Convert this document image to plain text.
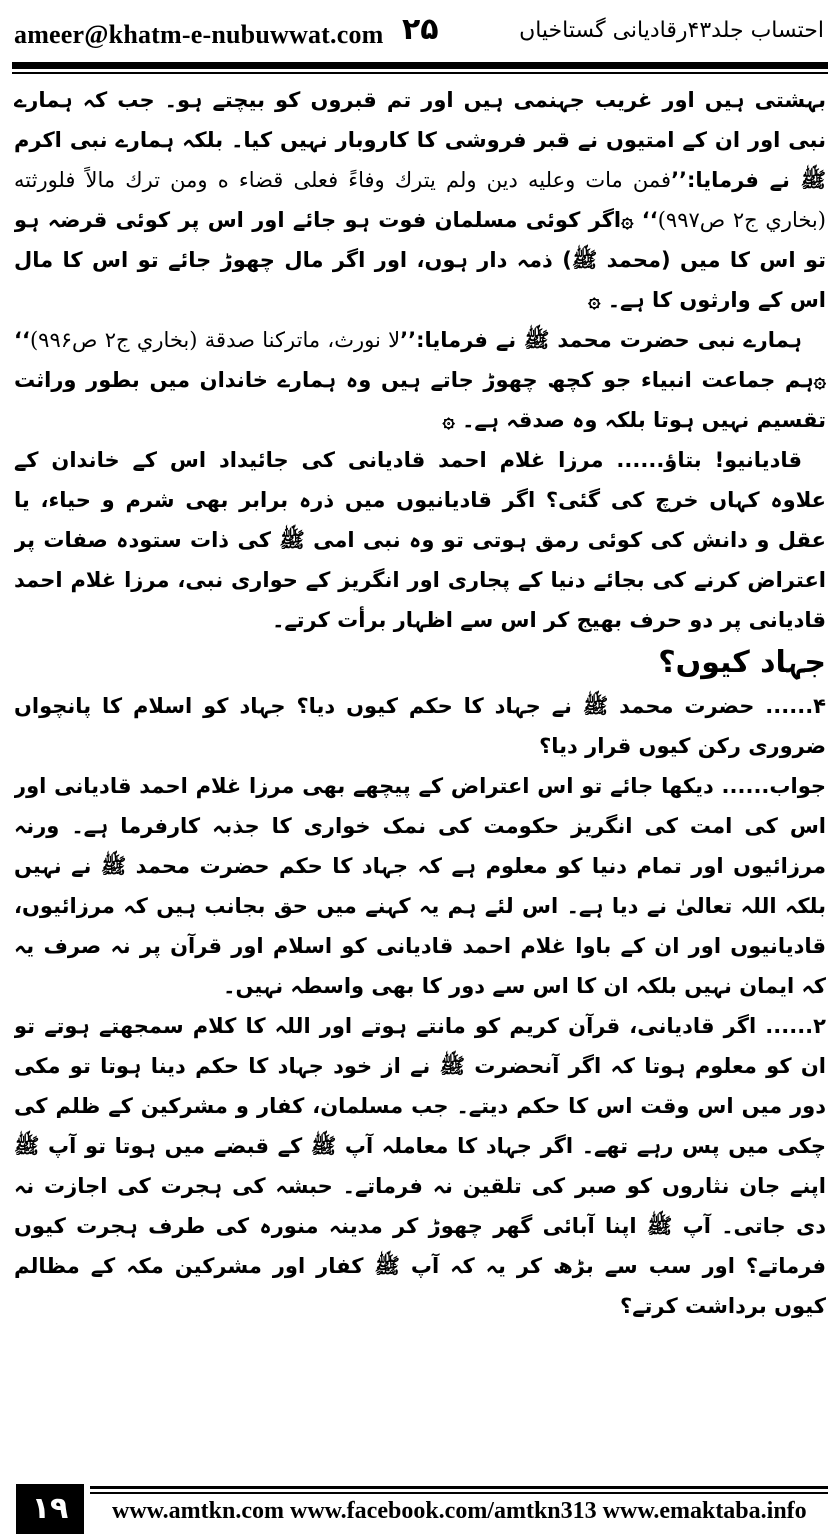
ameer@khatm-e-nubuwwat.com ۲۵	احتساب جلد۴۳رقادیانی گستاخیاں

بہشتی ہیں اور غریب جہنمی ہیں اور تم قبروں کو بیچتے ہو۔ جب کہ ہمارے نبی اور ان کے امتیوں نے قبر فروشی کا کاروبار نہیں کیا۔ بلکہ ہمارے نبی اکرم ﷺ نے فرمایا:’’فمن مات وعليه دين ولم يترك وفاءً فعلى قضاء ه ومن ترك مالاً فلورثته (بخاري ج۲ ص۹۹۷)‘‘ ۞اگر کوئی مسلمان فوت ہو جائے اور اس پر کوئی قرضہ ہو تو اس کا میں (محمد ﷺ) ذمہ دار ہوں، اور اگر مال چھوڑ جائے تو اس کا مال اس کے وارثوں کا ہے۔ ۞

ہمارے نبی حضرت محمد ﷺ نے فرمایا:’’لا نورث، ماترکنا صدقة (بخاري ج۲ ص۹۹۶)‘‘ ۞ہم جماعت انبیاء جو کچھ چھوڑ جاتے ہیں وہ ہمارے خاندان میں بطور وراثت تقسیم نہیں ہوتا بلکہ وہ صدقہ ہے۔ ۞

قادیانیو! بتاؤ...... مرزا غلام احمد قادیانی کی جائیداد اس کے خاندان کے علاوہ کہاں خرچ کی گئی؟ اگر قادیانیوں میں ذرہ برابر بھی شرم و حیاء، یا عقل و دانش کی کوئی رمق ہوتی تو وہ نبی امی ﷺ کی ذات ستودہ صفات پر اعتراض کرنے کی بجائے دنیا کے پجاری اور انگریز کے حواری نبی، مرزا غلام احمد قادیانی پر دو حرف بھیج کر اس سے اظہار برأت کرتے۔

جہاد کیوں؟

۴...... حضرت محمد ﷺ نے جہاد کا حکم کیوں دیا؟ جہاد کو اسلام کا پانچواں ضروری رکن کیوں قرار دیا؟

جواب...... دیکھا جائے تو اس اعتراض کے پیچھے بھی مرزا غلام احمد قادیانی اور اس کی امت کی انگریز حکومت کی نمک خواری کا جذبہ کارفرما ہے۔ ورنہ مرزائیوں اور تمام دنیا کو معلوم ہے کہ جہاد کا حکم حضرت محمد ﷺ نے نہیں بلکہ اللہ تعالیٰ نے دیا ہے۔ اس لئے ہم یہ کہنے میں حق بجانب ہیں کہ مرزائیوں، قادیانیوں اور ان کے باوا غلام احمد قادیانی کو اسلام اور قرآن پر نہ صرف یہ کہ ایمان نہیں بلکہ ان کا اس سے دور کا بھی واسطہ نہیں۔

۲...... اگر قادیانی، قرآن کریم کو مانتے ہوتے اور اللہ کا کلام سمجھتے ہوتے تو ان کو معلوم ہوتا کہ اگر آنحضرت ﷺ نے از خود جہاد کا حکم دینا ہوتا تو مکی دور میں اس وقت اس کا حکم دیتے۔ جب مسلمان، کفار و مشرکین کے ظلم کی چکی میں پس رہے تھے۔ اگر جہاد کا معاملہ آپ ﷺ کے قبضے میں ہوتا تو آپ ﷺ اپنے جان نثاروں کو صبر کی تلقین نہ فرماتے۔ حبشہ کی ہجرت کی اجازت نہ دی جاتی۔ آپ ﷺ اپنا آبائی گھر چھوڑ کر مدینہ منورہ کی طرف ہجرت کیوں فرماتے؟ اور سب سے بڑھ کر یہ کہ آپ ﷺ کفار اور مشرکین مکہ کے مظالم کیوں برداشت کرتے؟

۱۹	www.amtkn.com www.facebook.com/amtkn313 www.emaktaba.info
